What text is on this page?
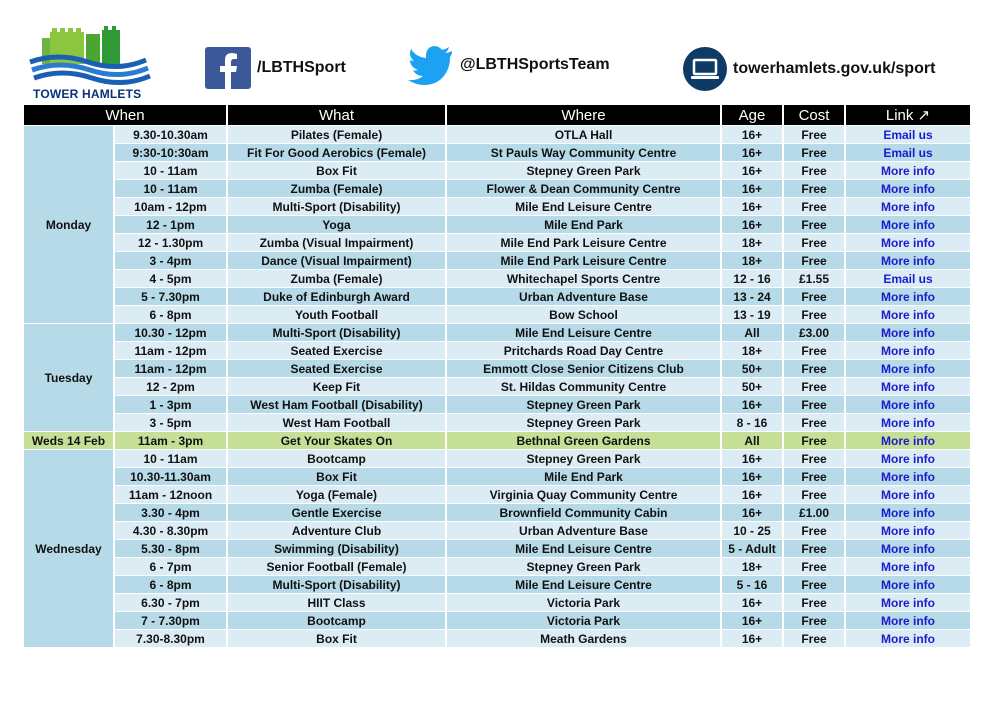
TOWER HAMLETS
/LBTHSport	@LBTHSportsTeam	towerhamlets.gov.uk/sport
When		What	Where	Age	Cost	Link ↗
Monday	9.30-10.30am	Pilates (Female)	OTLA Hall	16+	Free	Email us
	9:30-10:30am	Fit For Good Aerobics (Female)	St Pauls Way Community Centre	16+	Free	Email us
	10 - 11am	Box Fit	Stepney Green Park	16+	Free	More info
	10 - 11am	Zumba (Female)	Flower & Dean Community Centre	16+	Free	More info
	10am - 12pm	Multi-Sport (Disability)	Mile End Leisure Centre	16+	Free	More info
	12 - 1pm	Yoga	Mile End Park	16+	Free	More info
	12 - 1.30pm	Zumba (Visual Impairment)	Mile End Park Leisure Centre	18+	Free	More info
	3 - 4pm	Dance (Visual Impairment)	Mile End Park Leisure Centre	18+	Free	More info
	4 - 5pm	Zumba (Female)	Whitechapel Sports Centre	12 - 16	£1.55	Email us
	5 - 7.30pm	Duke of Edinburgh Award	Urban Adventure Base	13 - 24	Free	More info
	6 - 8pm	Youth Football	Bow School	13 - 19	Free	More info
Tuesday	10.30 - 12pm	Multi-Sport (Disability)	Mile End Leisure Centre	All	£3.00	More info
	11am - 12pm	Seated Exercise	Pritchards Road Day Centre	18+	Free	More info
	11am - 12pm	Seated Exercise	Emmott Close Senior Citizens Club	50+	Free	More info
	12 - 2pm	Keep Fit	St. Hildas Community Centre	50+	Free	More info
	1 - 3pm	West Ham Football (Disability)	Stepney Green Park	16+	Free	More info
	3 - 5pm	West Ham Football	Stepney Green Park	8 - 16	Free	More info
Weds 14 Feb	11am - 3pm	Get Your Skates On	Bethnal Green Gardens	All	Free	More info
Wednesday	10 - 11am	Bootcamp	Stepney Green Park	16+	Free	More info
	10.30-11.30am	Box Fit	Mile End Park	16+	Free	More info
	11am - 12noon	Yoga (Female)	Virginia Quay Community Centre	16+	Free	More info
	3.30 - 4pm	Gentle Exercise	Brownfield Community Cabin	16+	£1.00	More info
	4.30 - 8.30pm	Adventure Club	Urban Adventure Base	10 - 25	Free	More info
	5.30 - 8pm	Swimming (Disability)	Mile End Leisure Centre	5 - Adult	Free	More info
	6 - 7pm	Senior Football (Female)	Stepney Green Park	18+	Free	More info
	6 - 8pm	Multi-Sport (Disability)	Mile End Leisure Centre	5 - 16	Free	More info
	6.30 - 7pm	HIIT Class	Victoria Park	16+	Free	More info
	7 - 7.30pm	Bootcamp	Victoria Park	16+	Free	More info
	7.30-8.30pm	Box Fit	Meath Gardens	16+	Free	More info
